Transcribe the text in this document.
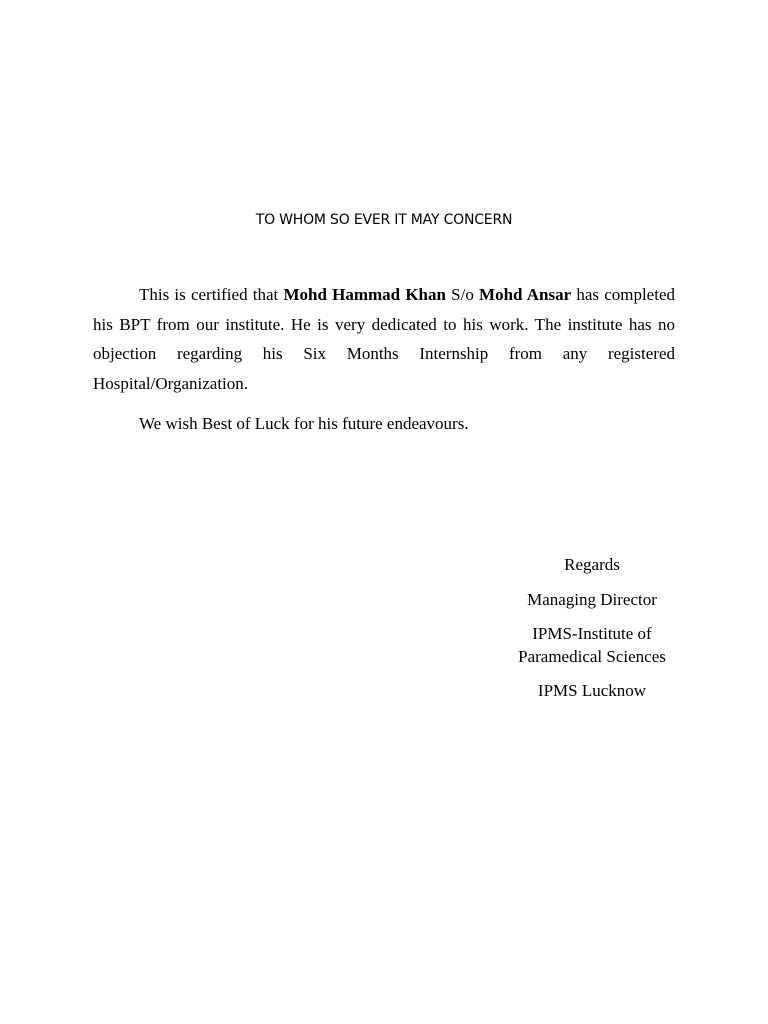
TO WHOM SO EVER IT MAY CONCERN

This is certified that Mohd Hammad Khan S/o Mohd Ansar has completed his BPT from our institute. He is very dedicated to his work. The institute has no objection regarding his Six Months Internship from any registered Hospital/Organization.

We wish Best of Luck for his future endeavours.

Regards
Managing Director
IPMS-Institute of
Paramedical Sciences
IPMS Lucknow
